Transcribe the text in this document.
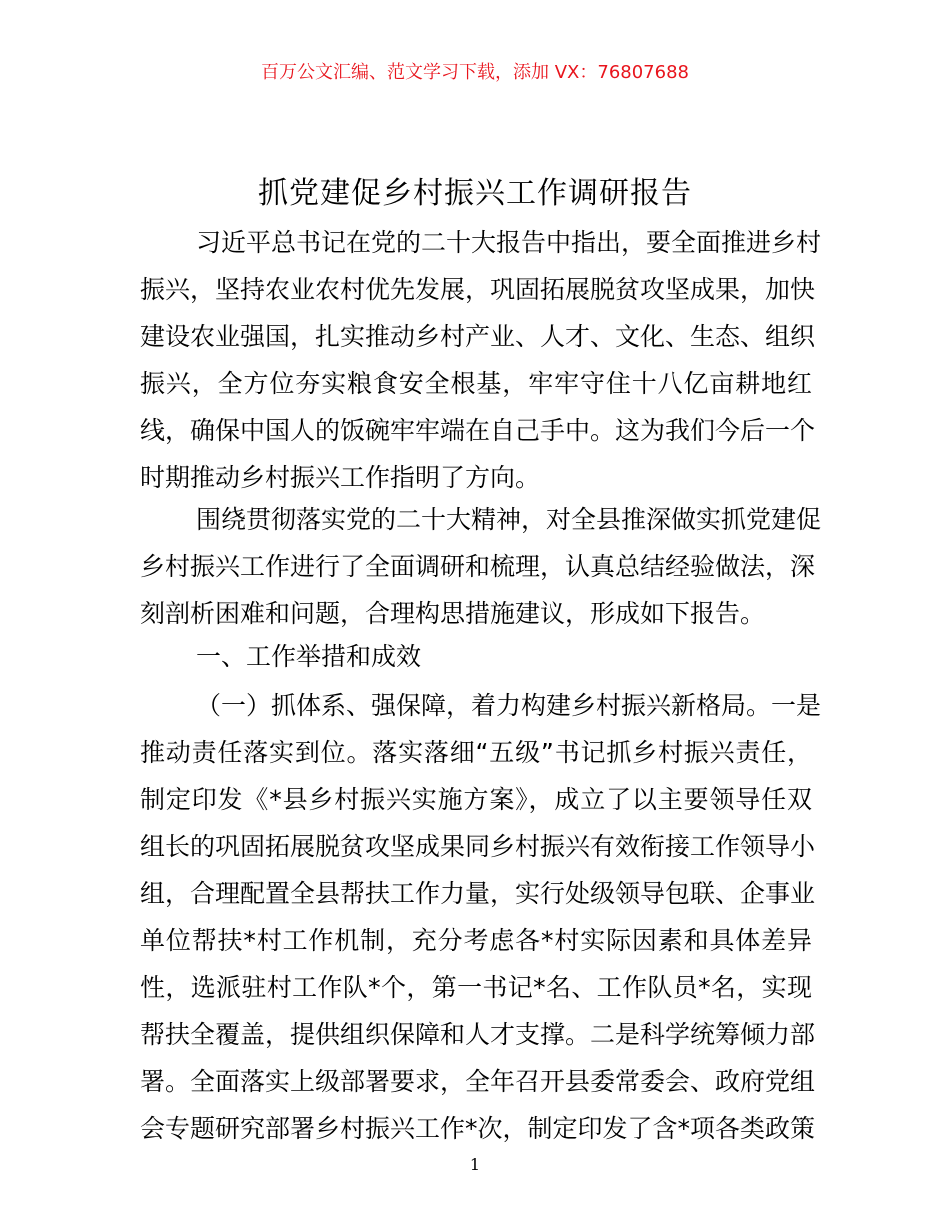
百万公文汇编、范文学习下载，添加 VX：76807688
抓党建促乡村振兴工作调研报告
习近平总书记在党的二十大报告中指出，要全面推进乡村
振兴，坚持农业农村优先发展，巩固拓展脱贫攻坚成果，加快
建设农业强国，扎实推动乡村产业、人才、文化、生态、组织
振兴，全方位夯实粮食安全根基，牢牢守住十八亿亩耕地红
线，确保中国人的饭碗牢牢端在自己手中。这为我们今后一个
时期推动乡村振兴工作指明了方向。
围绕贯彻落实党的二十大精神，对全县推深做实抓党建促
乡村振兴工作进行了全面调研和梳理，认真总结经验做法，深
刻剖析困难和问题，合理构思措施建议，形成如下报告。
一、工作举措和成效
（一）抓体系、强保障，着力构建乡村振兴新格局。一是
推动责任落实到位。落实落细“五级”书记抓乡村振兴责任，
制定印发《*县乡村振兴实施方案》，成立了以主要领导任双
组长的巩固拓展脱贫攻坚成果同乡村振兴有效衔接工作领导小
组，合理配置全县帮扶工作力量，实行处级领导包联、企事业
单位帮扶*村工作机制，充分考虑各*村实际因素和具体差异
性，选派驻村工作队*个，第一书记*名、工作队员*名，实现
帮扶全覆盖，提供组织保障和人才支撑。二是科学统筹倾力部
署。全面落实上级部署要求，全年召开县委常委会、政府党组
会专题研究部署乡村振兴工作*次，制定印发了含*项各类政策
1
